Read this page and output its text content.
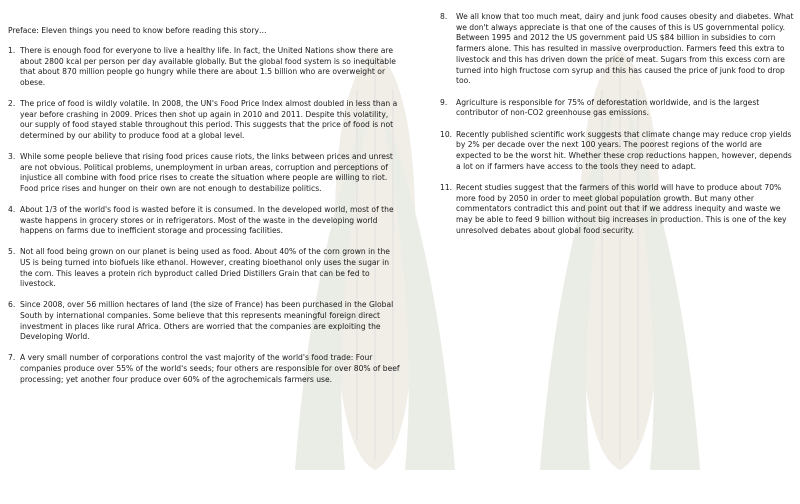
Preface: Eleven things you need to know before reading this story…

1. There is enough food for everyone to live a healthy life. In fact, the United Nations show there are about 2800 kcal per person per day available globally. But the global food system is so inequitable that about 870 million people go hungry while there are about 1.5 billion who are overweight or obese.
2. The price of food is wildly volatile. In 2008, the UN's Food Price Index almost doubled in less than a year before crashing in 2009. Prices then shot up again in 2010 and 2011. Despite this volatility, our supply of food stayed stable throughout this period. This suggests that the price of food is not determined by our ability to produce food at a global level.
3. While some people believe that rising food prices cause riots, the links between prices and unrest are not obvious. Political problems, unemployment in urban areas, corruption and perceptions of injustice all combine with food price rises to create the situation where people are willing to riot. Food price rises and hunger on their own are not enough to destabilize politics.
4. About 1/3 of the world's food is wasted before it is consumed. In the developed world, most of the waste happens in grocery stores or in refrigerators. Most of the waste in the developing world happens on farms due to inefficient storage and processing facilities.
5. Not all food being grown on our planet is being used as food. About 40% of the corn grown in the US is being turned into biofuels like ethanol. However, creating bioethanol only uses the sugar in the corn. This leaves a protein rich byproduct called Dried Distillers Grain that can be fed to livestock.
6. Since 2008, over 56 million hectares of land (the size of France) has been purchased in the Global South by international companies. Some believe that this represents meaningful foreign direct investment in places like rural Africa. Others are worried that the companies are exploiting the Developing World.
7. A very small number of corporations control the vast majority of the world's food trade: Four companies produce over 55% of the world's seeds; four others are responsible for over 80% of beef processing; yet another four produce over 60% of the agrochemicals farmers use.
8.	We all know that too much meat, dairy and junk food causes obesity and diabetes. What we don't always appreciate is that one of the causes of this is US governmental policy. Between 1995 and 2012 the US government paid US $84 billion in subsidies to corn farmers alone. This has resulted in massive overproduction. Farmers feed this extra to livestock and this has driven down the price of meat. Sugars from this excess corn are turned into high fructose corn syrup and this has caused the price of junk food to drop too.
9.	Agriculture is responsible for 75% of deforestation worldwide, and is the largest contributor of non-CO2 greenhouse gas emissions.
10. Recently published scientific work suggests that climate change may reduce crop yields by 2% per decade over the next 100 years. The poorest regions of the world are expected to be the worst hit. Whether these crop reductions happen, however, depends a lot on if farmers have access to the tools they need to adapt.
11. Recent studies suggest that the farmers of this world will have to produce about 70% more food by 2050 in order to meet global population growth. But many other commentators contradict this and point out that if we address inequity and waste we may be able to feed 9 billion without big increases in production. This is one of the key unresolved debates about global food security.
